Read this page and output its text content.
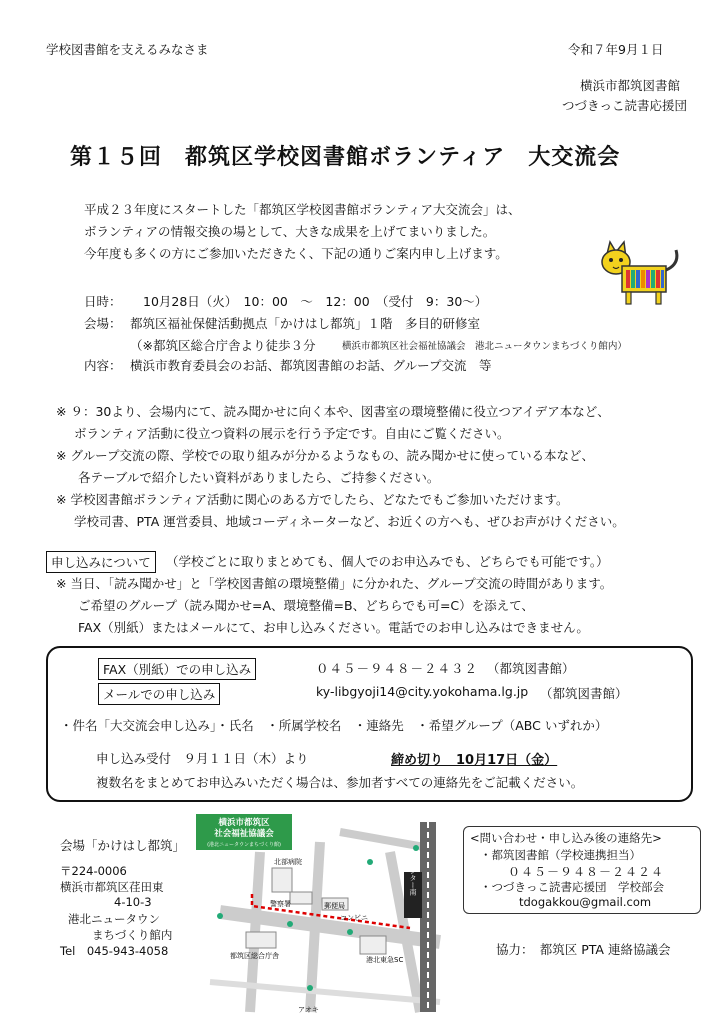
学校図書館を支えるみなさま	令和７年9月１日
横浜市都筑図書館
つづきっこ読書応援団
第１５回　都筑区学校図書館ボランティア　大交流会
平成２３年度にスタートした「都筑区学校図書館ボランティア大交流会」は、
ボランティアの情報交換の場として、大きな成果を上げてまいりました。
今年度も多くの方にご参加いただきたく、下記の通りご案内申し上げます。
日時： 10月28日（火）　10：00　～　12：00　（受付　9：30～）
会場： 都筑区福祉保健活動拠点「かけはし都筑」１階　多目的研修室
（※都筑区総合庁舎より徒歩３分	横浜市都筑区社会福祉協議会　港北ニュータウンまちづくり館内）
内容： 横浜市教育委員会のお話、都筑図書館のお話、グループ交流　等
※ ９：30より、会場内にて、読み聞かせに向く本や、図書室の環境整備に役立つアイデア本など、
ボランティア活動に役立つ資料の展示を行う予定です。自由にご覧ください。
※ グループ交流の際、学校での取り組みが分かるようなもの、読み聞かせに使っている本など、
各テーブルで紹介したい資料がありましたら、ご持参ください。
※ 学校図書館ボランティア活動に関心のある方でしたら、どなたでもご参加いただけます。
学校司書、PTA 運営委員、地域コーディネーターなど、お近くの方へも、ぜひお声がけください。
申し込みについて	（学校ごとに取りまとめても、個人でのお申込みでも、どちらでも可能です。）
※ 当日、「読み聞かせ」と「学校図書館の環境整備」に分かれた、グループ交流の時間があります。
ご希望のグループ（読み聞かせ=A、環境整備=B、どちらでも可=C）を添えて、
FAX（別紙）またはメールにて、お申し込みください。電話でのお申し込みはできません。
FAX（別紙）での申し込み	０４５－９４８－２４３２ （都筑図書館）
メールでの申し込み	ky-libgyoji14@city.yokohama.lg.jp （都筑図書館）
・件名「大交流会申し込み」・氏名　・所属学校名　・連絡先　・希望グループ（ABC いずれか）
申し込み受付　９月１１日（木）より	締め切り　10月17日（金）
複数名をまとめてお申込みいただく場合は、参加者すべての連絡先をご記載ください。
会場「かけはし都筑」
〒224-0006
横浜市都筑区荏田東
4-10-3
港北ニュータウン
まちづくり館内
Tel　045-943-4058
横浜市都筑区
社会福祉協議会
(港北ニュータウンまちづくり館)
センター南
北部病院
警察署	郵便局
コンビニ
都筑区総合庁舎	港北東急SC
アオキ
<問い合わせ・申し込み後の連絡先>
・都筑図書館（学校連携担当）
０４５－９４８－２４２４
・つづきっこ読書応援団　学校部会
tdogakkou@gmail.com
協力：　都筑区 PTA 連絡協議会
